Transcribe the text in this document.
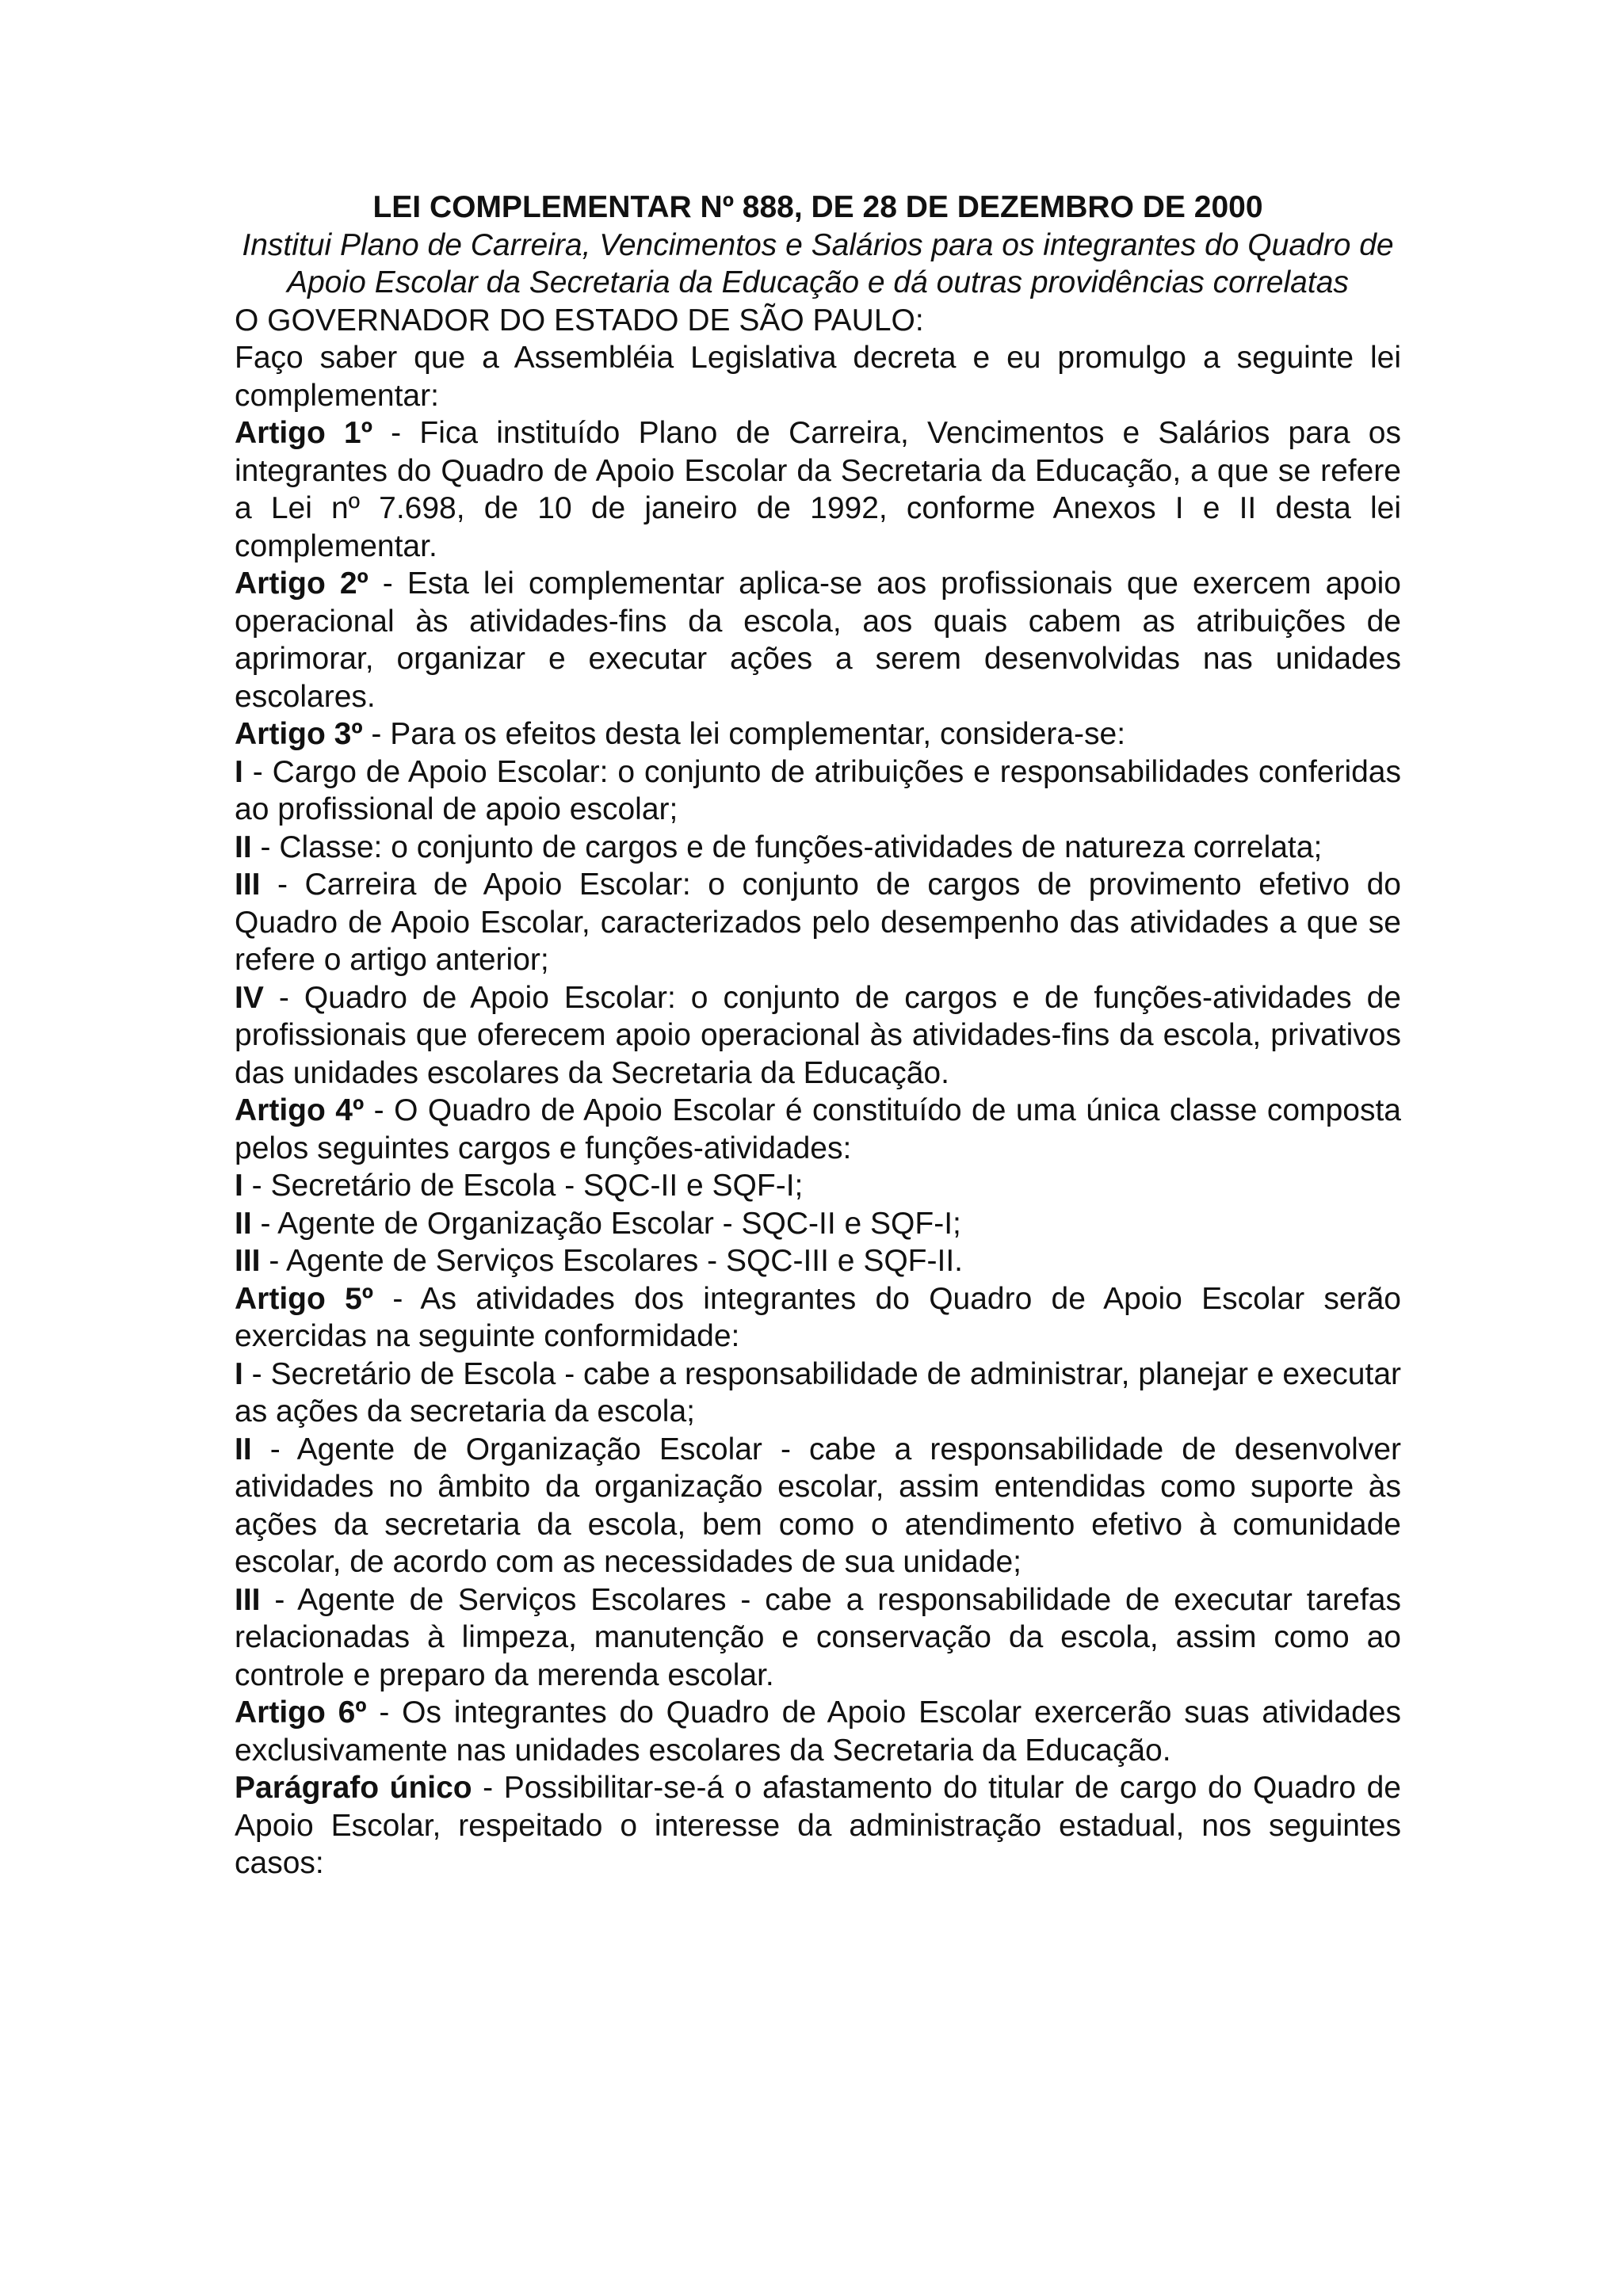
LEI COMPLEMENTAR Nº 888, DE 28 DE DEZEMBRO DE 2000

Institui Plano de Carreira, Vencimentos e Salários para os integrantes do Quadro de Apoio Escolar da Secretaria da Educação e dá outras providências correlatas

O GOVERNADOR DO ESTADO DE SÃO PAULO:

Faço saber que a Assembléia Legislativa decreta e eu promulgo a seguinte lei complementar:

Artigo 1º - Fica instituído Plano de Carreira, Vencimentos e Salários para os integrantes do Quadro de Apoio Escolar da Secretaria da Educação, a que se refere a Lei nº 7.698, de 10 de janeiro de 1992, conforme Anexos I e II desta lei complementar.

Artigo 2º - Esta lei complementar aplica-se aos profissionais que exercem apoio operacional às atividades-fins da escola, aos quais cabem as atribuições de aprimorar, organizar e executar ações a serem desenvolvidas nas unidades escolares.

Artigo 3º - Para os efeitos desta lei complementar, considera-se:

I - Cargo de Apoio Escolar: o conjunto de atribuições e responsabilidades conferidas ao profissional de apoio escolar;

II - Classe: o conjunto de cargos e de funções-atividades de natureza correlata;

III - Carreira de Apoio Escolar: o conjunto de cargos de provimento efetivo do Quadro de Apoio Escolar, caracterizados pelo desempenho das atividades a que se refere o artigo anterior;

IV - Quadro de Apoio Escolar: o conjunto de cargos e de funções-atividades de profissionais que oferecem apoio operacional às atividades-fins da escola, privativos das unidades escolares da Secretaria da Educação.

Artigo 4º - O Quadro de Apoio Escolar é constituído de uma única classe composta pelos seguintes cargos e funções-atividades:

I - Secretário de Escola - SQC-II e SQF-I;

II - Agente de Organização Escolar - SQC-II e SQF-I;

III - Agente de Serviços Escolares - SQC-III e SQF-II.

Artigo 5º - As atividades dos integrantes do Quadro de Apoio Escolar serão exercidas na seguinte conformidade:

I - Secretário de Escola - cabe a responsabilidade de administrar, planejar e executar as ações da secretaria da escola;

II - Agente de Organização Escolar - cabe a responsabilidade de desenvolver atividades no âmbito da organização escolar, assim entendidas como suporte às ações da secretaria da escola, bem como o atendimento efetivo à comunidade escolar, de acordo com as necessidades de sua unidade;

III - Agente de Serviços Escolares - cabe a responsabilidade de executar tarefas relacionadas à limpeza, manutenção e conservação da escola, assim como ao controle e preparo da merenda escolar.

Artigo 6º - Os integrantes do Quadro de Apoio Escolar exercerão suas atividades exclusivamente nas unidades escolares da Secretaria da Educação.

Parágrafo único - Possibilitar-se-á o afastamento do titular de cargo do Quadro de Apoio Escolar, respeitado o interesse da administração estadual, nos seguintes casos:
